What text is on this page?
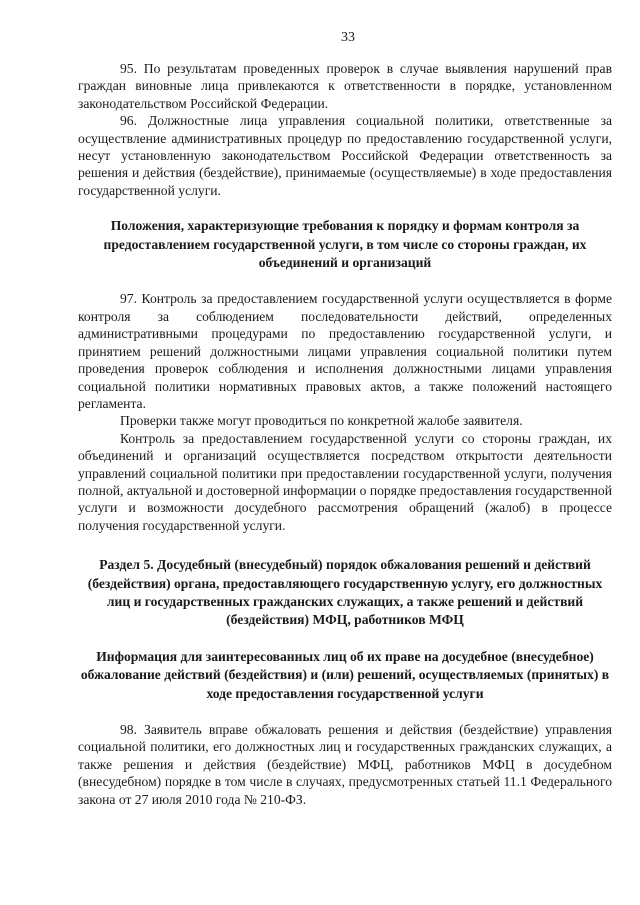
33

95. По результатам проведенных проверок в случае выявления нарушений прав граждан виновные лица привлекаются к ответственности в порядке, установленном законодательством Российской Федерации.

96. Должностные лица управления социальной политики, ответственные за осуществление административных процедур по предоставлению государственной услуги, несут установленную законодательством Российской Федерации ответственность за решения и действия (бездействие), принимаемые (осуществляемые) в ходе предоставления государственной услуги.

Положения, характеризующие требования к порядку и формам контроля за предоставлением государственной услуги, в том числе со стороны граждан, их объединений и организаций

97. Контроль за предоставлением государственной услуги осуществляется в форме контроля за соблюдением последовательности действий, определенных административными процедурами по предоставлению государственной услуги, и принятием решений должностными лицами управления социальной политики путем проведения проверок соблюдения и исполнения должностными лицами управления социальной политики нормативных правовых актов, а также положений настоящего регламента.

Проверки также могут проводиться по конкретной жалобе заявителя.

Контроль за предоставлением государственной услуги со стороны граждан, их объединений и организаций осуществляется посредством открытости деятельности управлений социальной политики при предоставлении государственной услуги, получения полной, актуальной и достоверной информации о порядке предоставления государственной услуги и возможности досудебного рассмотрения обращений (жалоб) в процессе получения государственной услуги.

Раздел 5. Досудебный (внесудебный) порядок обжалования решений и действий (бездействия) органа, предоставляющего государственную услугу, его должностных лиц и государственных гражданских служащих, а также решений и действий (бездействия) МФЦ, работников МФЦ
Информация для заинтересованных лиц об их праве на досудебное (внесудебное) обжалование действий (бездействия) и (или) решений, осуществляемых (принятых) в ходе предоставления государственной услуги

98. Заявитель вправе обжаловать решения и действия (бездействие) управления социальной политики, его должностных лиц и государственных гражданских служащих, а также решения и действия (бездействие) МФЦ, работников МФЦ в досудебном (внесудебном) порядке в том числе в случаях, предусмотренных статьей 11.1 Федерального закона от 27 июля 2010 года № 210-ФЗ.
